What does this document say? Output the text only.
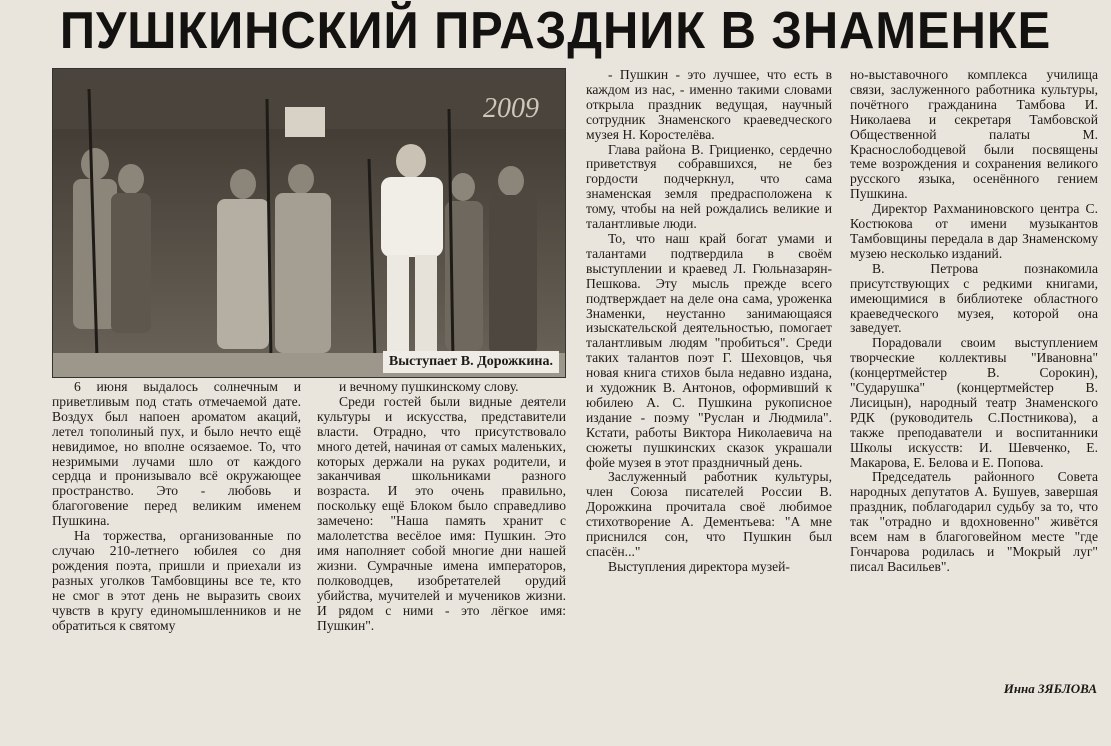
ПУШКИНСКИЙ ПРАЗДНИК В ЗНАМЕНКЕ
2009
Выступает В. Дорожкина.

6 июня выдалось солнечным и приветливым под стать отмечаемой дате. Воздух был напоен ароматом акаций, летел тополиный пух, и было нечто ещё невидимое, но вполне осязаемое. То, что незримыми лучами шло от каждого сердца и пронизывало всё окружающее пространство. Это - любовь и благоговение перед великим именем Пушкина.

На торжества, организованные по случаю 210-летнего юбилея со дня рождения поэта, пришли и приехали из разных уголков Тамбовщины все те, кто не смог в этот день не выразить своих чувств в кругу единомышленников и не обратиться к святому

и вечному пушкинскому слову.

Среди гостей были видные деятели культуры и искусства, представители власти. Отрадно, что присутствовало много детей, начиная от самых маленьких, которых держали на руках родители, и заканчивая школьниками разного возраста. И это очень правильно, поскольку ещё Блоком было справедливо замечено: "Наша память хранит с малолетства весёлое имя: Пушкин. Это имя наполняет собой многие дни нашей жизни. Сумрачные имена императоров, полководцев, изобретателей орудий убийства, мучителей и мучеников жизни. И рядом с ними - это лёгкое имя: Пушкин".

- Пушкин - это лучшее, что есть в каждом из нас, - именно такими словами открыла праздник ведущая, научный сотрудник Знаменского краеведческого музея Н. Коростелёва.

Глава района В. Грициенко, сердечно приветствуя собравшихся, не без гордости подчеркнул, что сама знаменская земля предрасположена к тому, чтобы на ней рождались великие и талантливые люди.

То, что наш край богат умами и талантами подтвердила в своём выступлении и краевед Л. Гюльназарян-Пешкова. Эту мысль прежде всего подтверждает на деле она сама, уроженка Знаменки, неустанно занимающаяся изыскательской деятельностью, помогает талантливым людям "пробиться". Среди таких талантов поэт Г. Шеховцов, чья новая книга стихов была недавно издана, и художник В. Антонов, оформивший к юбилею А. С. Пушкина рукописное издание - поэму "Руслан и Людмила". Кстати, работы Виктора Николаевича на сюжеты пушкинских сказок украшали фойе музея в этот праздничный день.

Заслуженный работник культуры, член Союза писателей России В. Дорожкина прочитала своё любимое стихотворение А. Дементьева: "А мне приснился сон, что Пушкин был спасён..."

Выступления директора музей-

но-выставочного комплекса училища связи, заслуженного работника культуры, почётного гражданина Тамбова И. Николаева и секретаря Тамбовской Общественной палаты М. Краснослободцевой были посвящены теме возрождения и сохранения великого русского языка, осенённого гением Пушкина.

Директор Рахманиновского центра С. Костюкова от имени музыкантов Тамбовщины передала в дар Знаменскому музею несколько изданий.

В. Петрова познакомила присутствующих с редкими книгами, имеющимися в библиотеке областного краеведческого музея, которой она заведует.

Порадовали своим выступлением творческие коллективы "Ивановна" (концертмейстер В. Сорокин), "Сударушка" (концертмейстер В. Лисицын), народный театр Знаменского РДК (руководитель С.Постникова), а также преподаватели и воспитанники Школы искусств: И. Шевченко, Е. Макарова, Е. Белова и Е. Попова.

Председатель районного Совета народных депутатов А. Бушуев, завершая праздник, поблагодарил судьбу за то, что так "отрадно и вдохновенно" живётся всем нам в благоговейном месте "где Гончарова родилась и "Мокрый луг" писал Васильев".

Инна ЗЯБЛОВА
